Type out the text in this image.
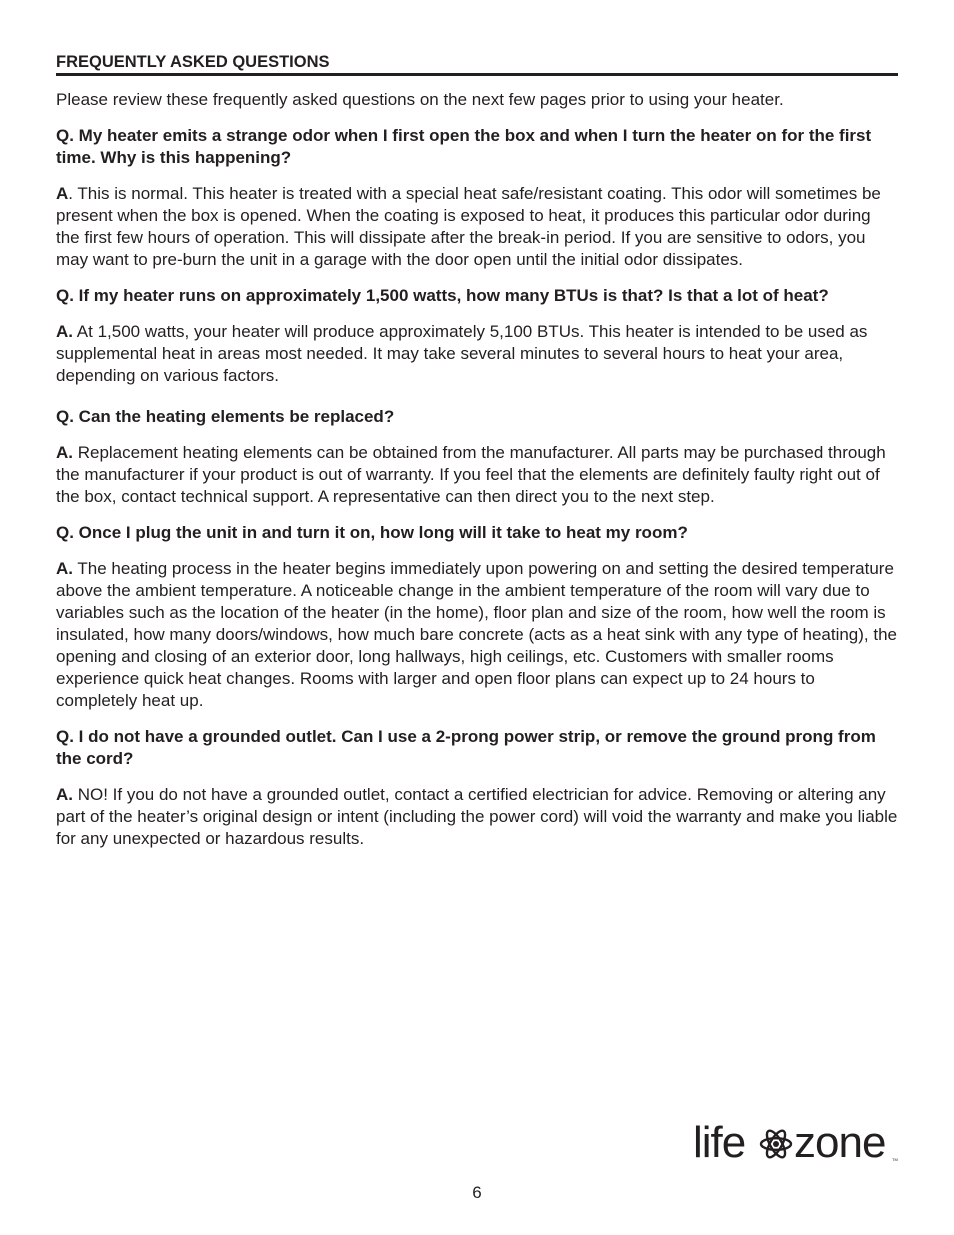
FREQUENTLY ASKED QUESTIONS
Please review these frequently asked questions on the next few pages prior to using your heater.
Q. My heater emits a strange odor when I first open the box and when I turn the heater on for the first time. Why is this happening?
A. This is normal. This heater is treated with a special heat safe/resistant coating. This odor will sometimes be present when the box is opened. When the coating is exposed to heat, it produces this particular odor during the first few hours of operation. This will dissipate after the break-in period. If you are sensitive to odors, you may want to pre-burn the unit in a garage with the door open until the initial odor dissipates.
Q. If my heater runs on approximately 1,500 watts, how many BTUs is that? Is that a lot of heat?
A. At 1,500 watts, your heater will produce approximately 5,100 BTUs. This heater is intended to be used as supplemental heat in areas most needed. It may take several minutes to several hours to heat your area, depending on various factors.
Q. Can the heating elements be replaced?
A. Replacement heating elements can be obtained from the manufacturer. All parts may be purchased through the manufacturer if your product is out of warranty. If you feel that the elements are definitely faulty right out of the box, contact technical support. A representative can then direct you to the next step.
Q. Once I plug the unit in and turn it on, how long will it take to heat my room?
A. The heating process in the heater begins immediately upon powering on and setting the desired temperature above the ambient temperature. A noticeable change in the ambient temperature of the room will vary due to variables such as the location of the heater (in the home), floor plan and size of the room, how well the room is insulated, how many doors/windows, how much bare concrete (acts as a heat sink with any type of heating), the opening and closing of an exterior door, long hallways, high ceilings, etc. Customers with smaller rooms experience quick heat changes. Rooms with larger and open floor plans can expect up to 24 hours to completely heat up.
Q. I do not have a grounded outlet. Can I use a 2-prong power strip, or remove the ground prong from the cord?
A. NO! If you do not have a grounded outlet, contact a certified electrician for advice. Removing or altering any part of the heater’s original design or intent (including the power cord) will void the warranty and make you liable for any unexpected or hazardous results.
life zone TM
6
